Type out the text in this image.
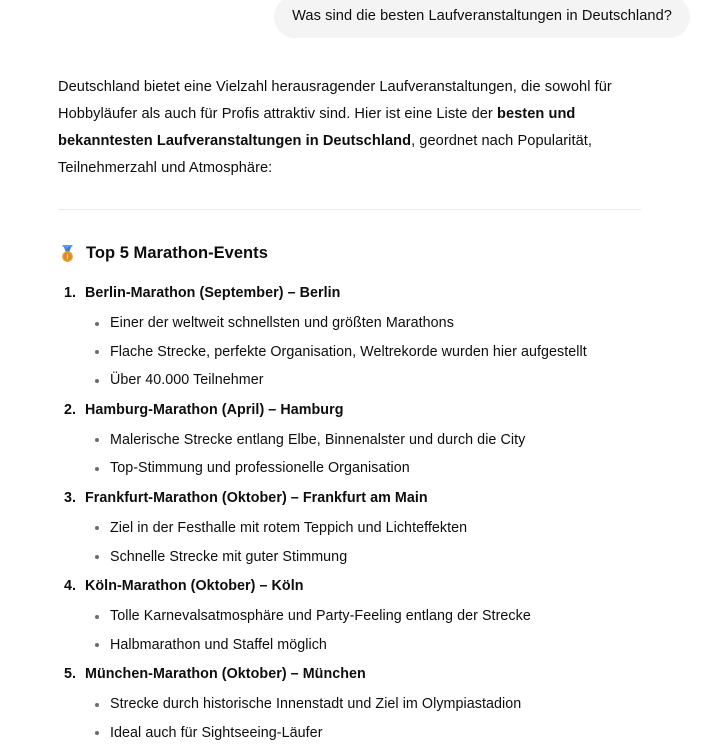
Was sind die besten Laufveranstaltungen in Deutschland?

Deutschland bietet eine Vielzahl herausragender Laufveranstaltungen, die sowohl für Hobbyläufer als auch für Profis attraktiv sind. Hier ist eine Liste der besten und bekanntesten Laufveranstaltungen in Deutschland, geordnet nach Popularität, Teilnehmerzahl und Atmosphäre:

Top 5 Marathon-Events
1. Berlin-Marathon (September) – Berlin
Einer der weltweit schnellsten und größten Marathons
Flache Strecke, perfekte Organisation, Weltrekorde wurden hier aufgestellt
Über 40.000 Teilnehmer
2. Hamburg-Marathon (April) – Hamburg
Malerische Strecke entlang Elbe, Binnenalster und durch die City
Top-Stimmung und professionelle Organisation
3. Frankfurt-Marathon (Oktober) – Frankfurt am Main
Ziel in der Festhalle mit rotem Teppich und Lichteffekten
Schnelle Strecke mit guter Stimmung
4. Köln-Marathon (Oktober) – Köln
Tolle Karnevalsatmosphäre und Party-Feeling entlang der Strecke
Halbmarathon und Staffel möglich
5. München-Marathon (Oktober) – München
Strecke durch historische Innenstadt und Ziel im Olympiastadion
Ideal auch für Sightseeing-Läufer
